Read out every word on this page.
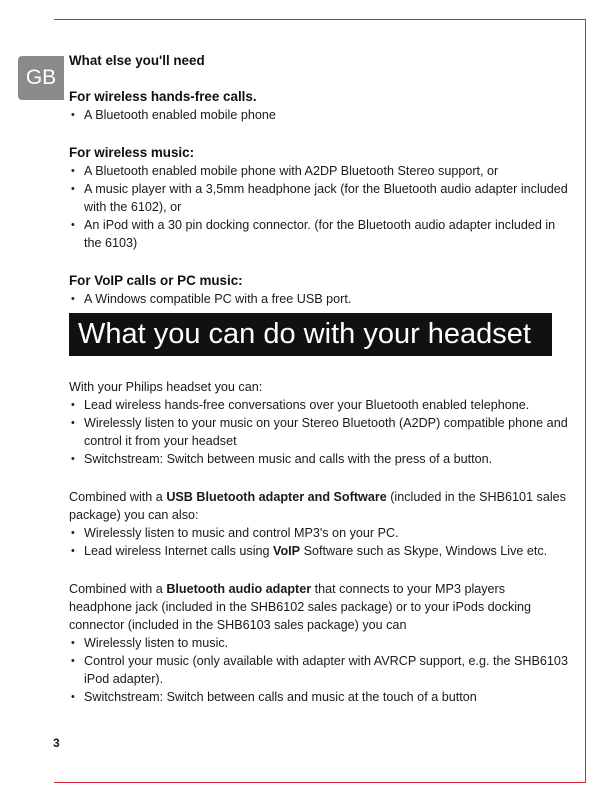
GB
What else you'll need
For wireless hands-free calls.
• A Bluetooth enabled mobile phone
For wireless music:
• A Bluetooth enabled mobile phone with A2DP Bluetooth Stereo support, or
• A music player with a 3,5mm headphone jack (for the Bluetooth audio adapter included with the 6102), or
• An iPod with a 30 pin docking connector. (for the Bluetooth audio adapter included in the 6103)
For VoIP calls or PC music:
• A Windows compatible PC with a free USB port.
What you can do with your headset

With your Philips headset you can:

• Lead wireless hands-free conversations over your Bluetooth enabled telephone.
• Wirelessly listen to your music on your Stereo Bluetooth (A2DP) compatible phone and control it from your headset
• Switchstream: Switch between music and calls with the press of a button.

Combined with a USB Bluetooth adapter and Software (included in the SHB6101 sales package) you can also:

• Wirelessly listen to music and control MP3's on your PC.
• Lead wireless Internet calls using VoIP Software such as Skype, Windows Live etc.

Combined with a Bluetooth audio adapter that connects to your MP3 players headphone jack (included in the SHB6102 sales package) or to your iPods docking connector (included in the SHB6103 sales package) you can

• Wirelessly listen to music.
• Control your music (only available with adapter with AVRCP support, e.g. the SHB6103 iPod adapter).
• Switchstream: Switch between calls and music at the touch of a button
3
